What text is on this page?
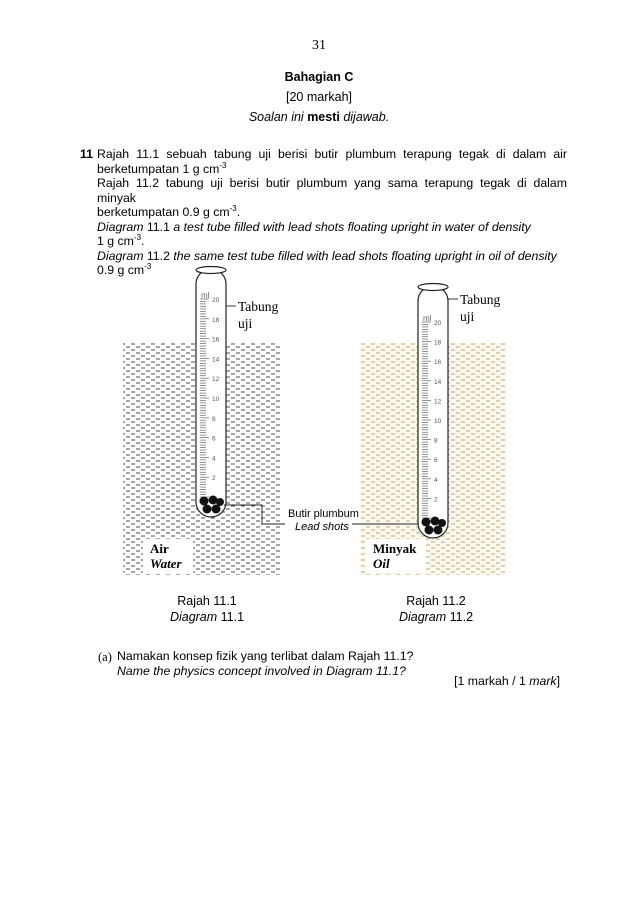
31
Bahagian C
[20 markah]
Soalan ini mesti dijawab.
11 Rajah 11.1 sebuah tabung uji berisi butir plumbum terapung tegak di dalam air

berketumpatan 1 g $cm^{-3}$

Rajah 11.2 tabung uji berisi butir plumbum yang sama terapung tegak di dalam minyak

berketumpatan 0.9 g $cm^{-3}$.

Diagram 11.1 a test tube filled with lead shots floating upright in water of density

1 g $cm^{-3}$.

Diagram 11.2 the same test tube filled with lead shots floating upright in oil of density

0.9 g $cm^{-3}$

20
18
16
14
12
10
8
6
4
2
20
18
16
14
12
10
8
6
4
2
Tabung
uji
Tabung
uji
ml
ml
Butir plumbum
Lead shots
Air
Water
Minyak
Oil
Rajah 11.1
Diagram 11.1
Rajah 11.2
Diagram 11.2
(a) Namakan konsep fizik yang terlibat dalam Rajah 11.1?
Name the physics concept involved in Diagram 11.1?
[1 markah / 1 mark]
